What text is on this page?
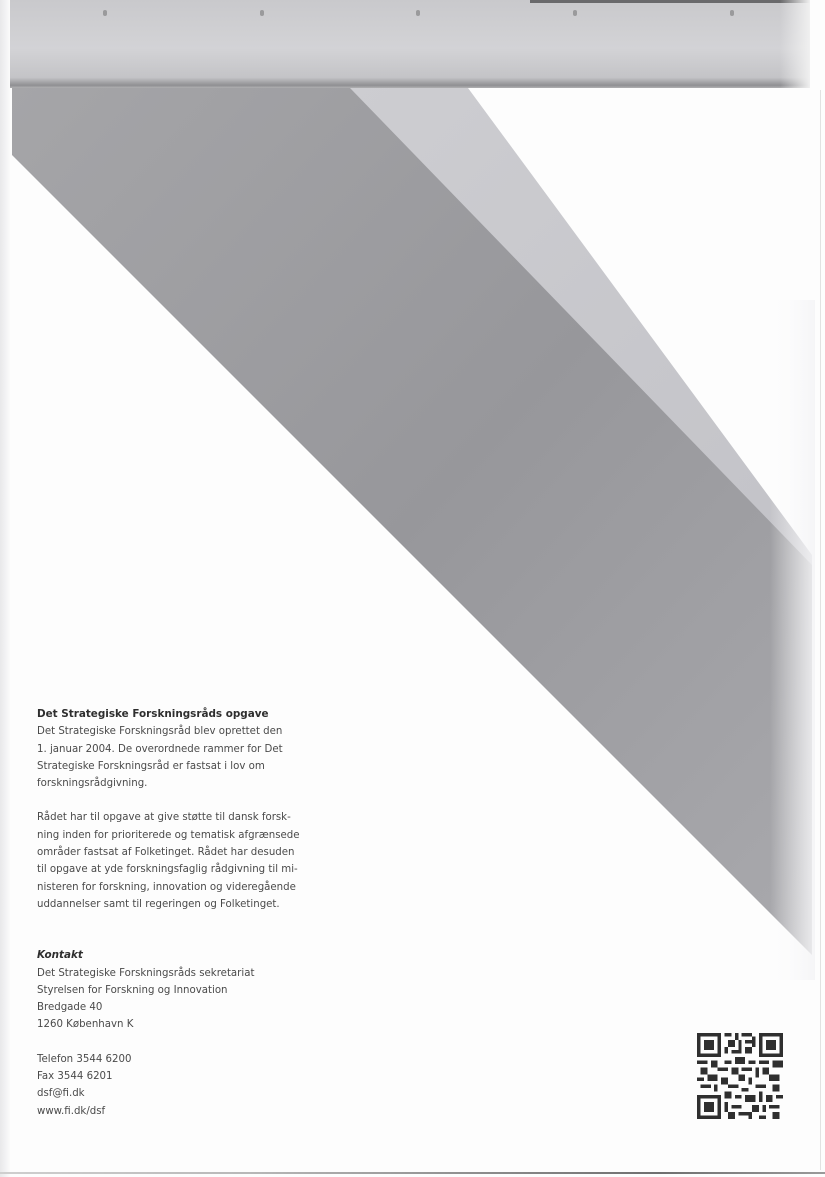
Det Strategiske Forskningsråds opgave

Det Strategiske Forskningsråd blev oprettet den

1. januar 2004. De overordnede rammer for Det

Strategiske Forskningsråd er fastsat i lov om

forskningsrådgivning.

Rådet har til opgave at give støtte til dansk forsk-

ning inden for prioriterede og tematisk afgrænsede

områder fastsat af Folketinget. Rådet har desuden

til opgave at yde forskningsfaglig rådgivning til mi-

nisteren for forskning, innovation og videregående

uddannelser samt til regeringen og Folketinget.

Kontakt

Det Strategiske Forskningsråds sekretariat

Styrelsen for Forskning og Innovation

Bredgade 40

1260 København K

Telefon 3544 6200

Fax 3544 6201

dsf@fi.dk

www.fi.dk/dsf
